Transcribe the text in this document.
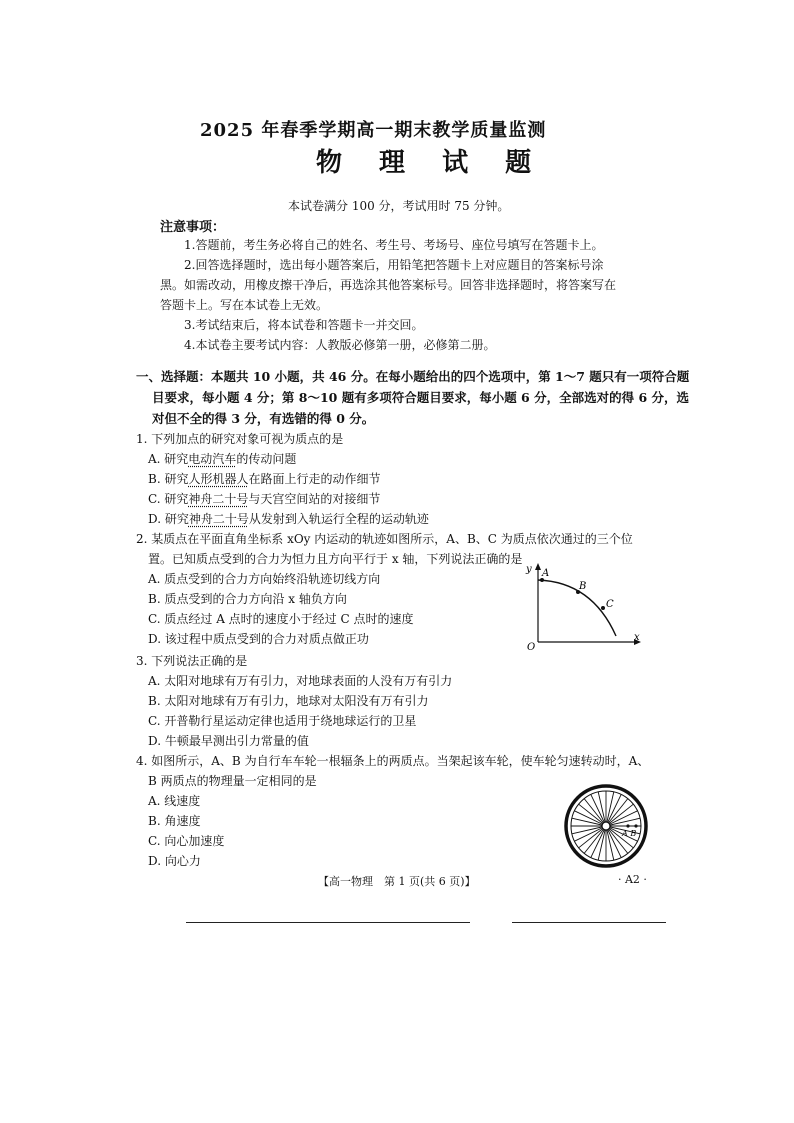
2025 年春季学期高一期末教学质量监测
物 理 试 题
本试卷满分 100 分，考试用时 75 分钟。
注意事项：
1.答题前，考生务必将自己的姓名、考生号、考场号、座位号填写在答题卡上。
2.回答选择题时，选出每小题答案后，用铅笔把答题卡上对应题目的答案标号涂
黑。如需改动，用橡皮擦干净后，再选涂其他答案标号。回答非选择题时，将答案写在
答题卡上。写在本试卷上无效。
3.考试结束后，将本试卷和答题卡一并交回。
4.本试卷主要考试内容：人教版必修第一册，必修第二册。
一、选择题：本题共 10 小题，共 46 分。在每小题给出的四个选项中，第 1～7 题只有一项符合题
目要求，每小题 4 分；第 8～10 题有多项符合题目要求，每小题 6 分，全部选对的得 6 分，选
对但不全的得 3 分，有选错的得 0 分。
1. 下列加点的研究对象可视为质点的是
A. 研究电动汽车的传动问题
B. 研究人形机器人在路面上行走的动作细节
C. 研究神舟二十号与天宫空间站的对接细节
D. 研究神舟二十号从发射到入轨运行全程的运动轨迹
2. 某质点在平面直角坐标系 xOy 内运动的轨迹如图所示，A、B、C 为质点依次通过的三个位
置。已知质点受到的合力为恒力且方向平行于 x 轴，下列说法正确的是
A. 质点受到的合力方向始终沿轨迹切线方向
B. 质点受到的合力方向沿 x 轴负方向
C. 质点经过 A 点时的速度小于经过 C 点时的速度
D. 该过程中质点受到的合力对质点做正功
y
x
O
A
B
C
3. 下列说法正确的是
A. 太阳对地球有万有引力，对地球表面的人没有万有引力
B. 太阳对地球有万有引力，地球对太阳没有万有引力
C. 开普勒行星运动定律也适用于绕地球运行的卫星
D. 牛顿最早测出引力常量的值
4. 如图所示，A、B 为自行车车轮一根辐条上的两质点。当架起该车轮，使车轮匀速转动时，A、
B 两质点的物理量一定相同的是
A. 线速度
B. 角速度
C. 向心加速度
D. 向心力
A B
【高一物理　第 1 页(共 6 页)】	· A2 ·
